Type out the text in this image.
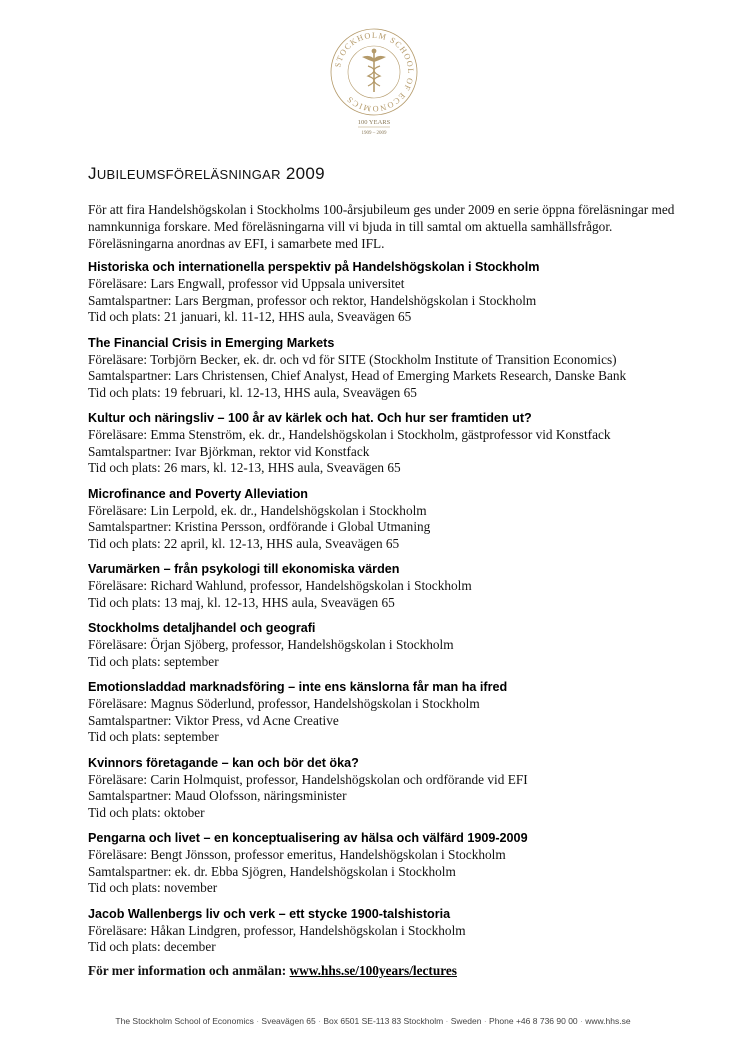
STOCKHOLM SCHOOL OF ECONOMICS
100 YEARS
1909 – 2009
JUBILEUMSFÖRELÄSNINGAR 2009

För att fira Handelshögskolan i Stockholms 100-årsjubileum ges under 2009 en serie öppna föreläsningar med namnkunniga forskare. Med föreläsningarna vill vi bjuda in till samtal om aktuella samhällsfrågor. Föreläsningarna anordnas av EFI, i samarbete med IFL.

Historiska och internationella perspektiv på Handelshögskolan i Stockholm
Föreläsare: Lars Engwall, professor vid Uppsala universitet
Samtalspartner: Lars Bergman, professor och rektor, Handelshögskolan i Stockholm
Tid och plats: 21 januari, kl. 11-12, HHS aula, Sveavägen 65
The Financial Crisis in Emerging Markets
Föreläsare: Torbjörn Becker, ek. dr. och vd för SITE (Stockholm Institute of Transition Economics)
Samtalspartner: Lars Christensen, Chief Analyst, Head of Emerging Markets Research, Danske Bank
Tid och plats: 19 februari, kl. 12-13, HHS aula, Sveavägen 65
Kultur och näringsliv – 100 år av kärlek och hat. Och hur ser framtiden ut?
Föreläsare: Emma Stenström, ek. dr., Handelshögskolan i Stockholm, gästprofessor vid Konstfack
Samtalspartner: Ivar Björkman, rektor vid Konstfack
Tid och plats: 26 mars, kl. 12-13, HHS aula, Sveavägen 65
Microfinance and Poverty Alleviation
Föreläsare: Lin Lerpold, ek. dr., Handelshögskolan i Stockholm
Samtalspartner: Kristina Persson, ordförande i Global Utmaning
Tid och plats: 22 april, kl. 12-13, HHS aula, Sveavägen 65
Varumärken – från psykologi till ekonomiska värden
Föreläsare: Richard Wahlund, professor, Handelshögskolan i Stockholm
Tid och plats: 13 maj, kl. 12-13, HHS aula, Sveavägen 65
Stockholms detaljhandel och geografi
Föreläsare: Örjan Sjöberg, professor, Handelshögskolan i Stockholm
Tid och plats: september
Emotionsladdad marknadsföring – inte ens känslorna får man ha ifred
Föreläsare: Magnus Söderlund, professor, Handelshögskolan i Stockholm
Samtalspartner: Viktor Press, vd Acne Creative
Tid och plats: september
Kvinnors företagande – kan och bör det öka?
Föreläsare: Carin Holmquist, professor, Handelshögskolan och ordförande vid EFI
Samtalspartner: Maud Olofsson, näringsminister
Tid och plats: oktober
Pengarna och livet – en konceptualisering av hälsa och välfärd 1909-2009
Föreläsare: Bengt Jönsson, professor emeritus, Handelshögskolan i Stockholm
Samtalspartner: ek. dr. Ebba Sjögren, Handelshögskolan i Stockholm
Tid och plats: november
Jacob Wallenbergs liv och verk – ett stycke 1900-talshistoria
Föreläsare: Håkan Lindgren, professor, Handelshögskolan i Stockholm
Tid och plats: december
För mer information och anmälan: www.hhs.se/100years/lectures
The Stockholm School of Economics · Sveavägen 65 · Box 6501 SE-113 83 Stockholm · Sweden · Phone +46 8 736 90 00 · www.hhs.se
